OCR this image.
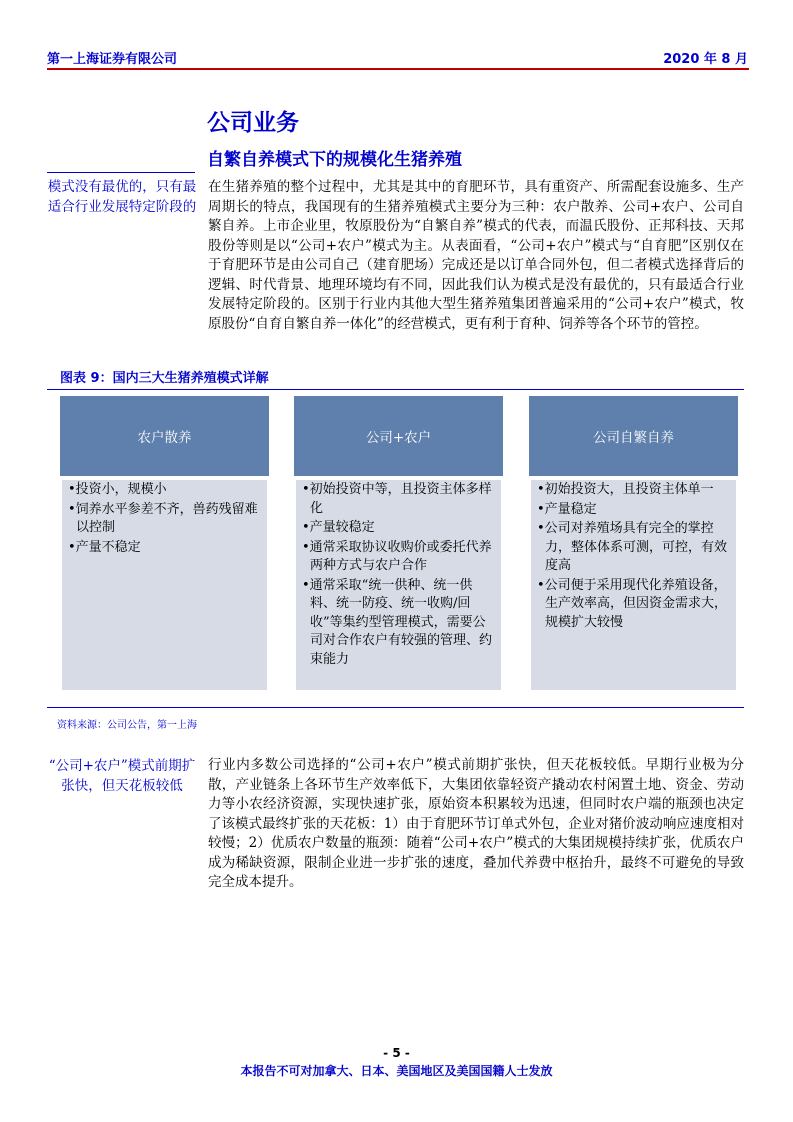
第一上海证券有限公司	2020 年 8 月
公司业务
自繁自养模式下的规模化生猪养殖
模式没有最优的，只有最适合行业发展特定阶段的
在生猪养殖的整个过程中，尤其是其中的育肥环节，具有重资产、所需配套设施多、生产周期长的特点，我国现有的生猪养殖模式主要分为三种：农户散养、公司+农户、公司自繁自养。上市企业里，牧原股份为“自繁自养”模式的代表，而温氏股份、正邦科技、天邦股份等则是以“公司+农户”模式为主。从表面看，“公司+农户”模式与“自育肥”区别仅在于育肥环节是由公司自己（建育肥场）完成还是以订单合同外包，但二者模式选择背后的逻辑、时代背景、地理环境均有不同，因此我们认为模式是没有最优的，只有最适合行业发展特定阶段的。区别于行业内其他大型生猪养殖集团普遍采用的“公司+农户”模式，牧原股份“自育自繁自养一体化”的经营模式，更有利于育种、饲养等各个环节的管控。
图表 9：国内三大生猪养殖模式详解
农户散养
• 投资小，规模小
• 饲养水平参差不齐，兽药残留难以控制
• 产量不稳定
公司+农户
• 初始投资中等，且投资主体多样化
• 产量较稳定
• 通常采取协议收购价或委托代养两种方式与农户合作
• 通常采取“统一供种、统一供料、统一防疫、统一收购/回收”等集约型管理模式，需要公司对合作农户有较强的管理、约束能力
公司自繁自养
• 初始投资大，且投资主体单一
• 产量稳定
• 公司对养殖场具有完全的掌控力，整体体系可测，可控，有效度高
• 公司便于采用现代化养殖设备，生产效率高，但因资金需求大，规模扩大较慢
资料来源：公司公告，第一上海
“公司+农户”模式前期扩张快，但天花板较低
行业内多数公司选择的“公司+农户”模式前期扩张快，但天花板较低。早期行业极为分散，产业链条上各环节生产效率低下，大集团依靠轻资产撬动农村闲置土地、资金、劳动力等小农经济资源，实现快速扩张，原始资本积累较为迅速，但同时农户端的瓶颈也决定了该模式最终扩张的天花板：1）由于育肥环节订单式外包，企业对猪价波动响应速度相对较慢；2）优质农户数量的瓶颈：随着“公司+农户”模式的大集团规模持续扩张，优质农户成为稀缺资源，限制企业进一步扩张的速度，叠加代养费中枢抬升，最终不可避免的导致完全成本提升。
- 5 -
本报告不可对加拿大、日本、美国地区及美国国籍人士发放
